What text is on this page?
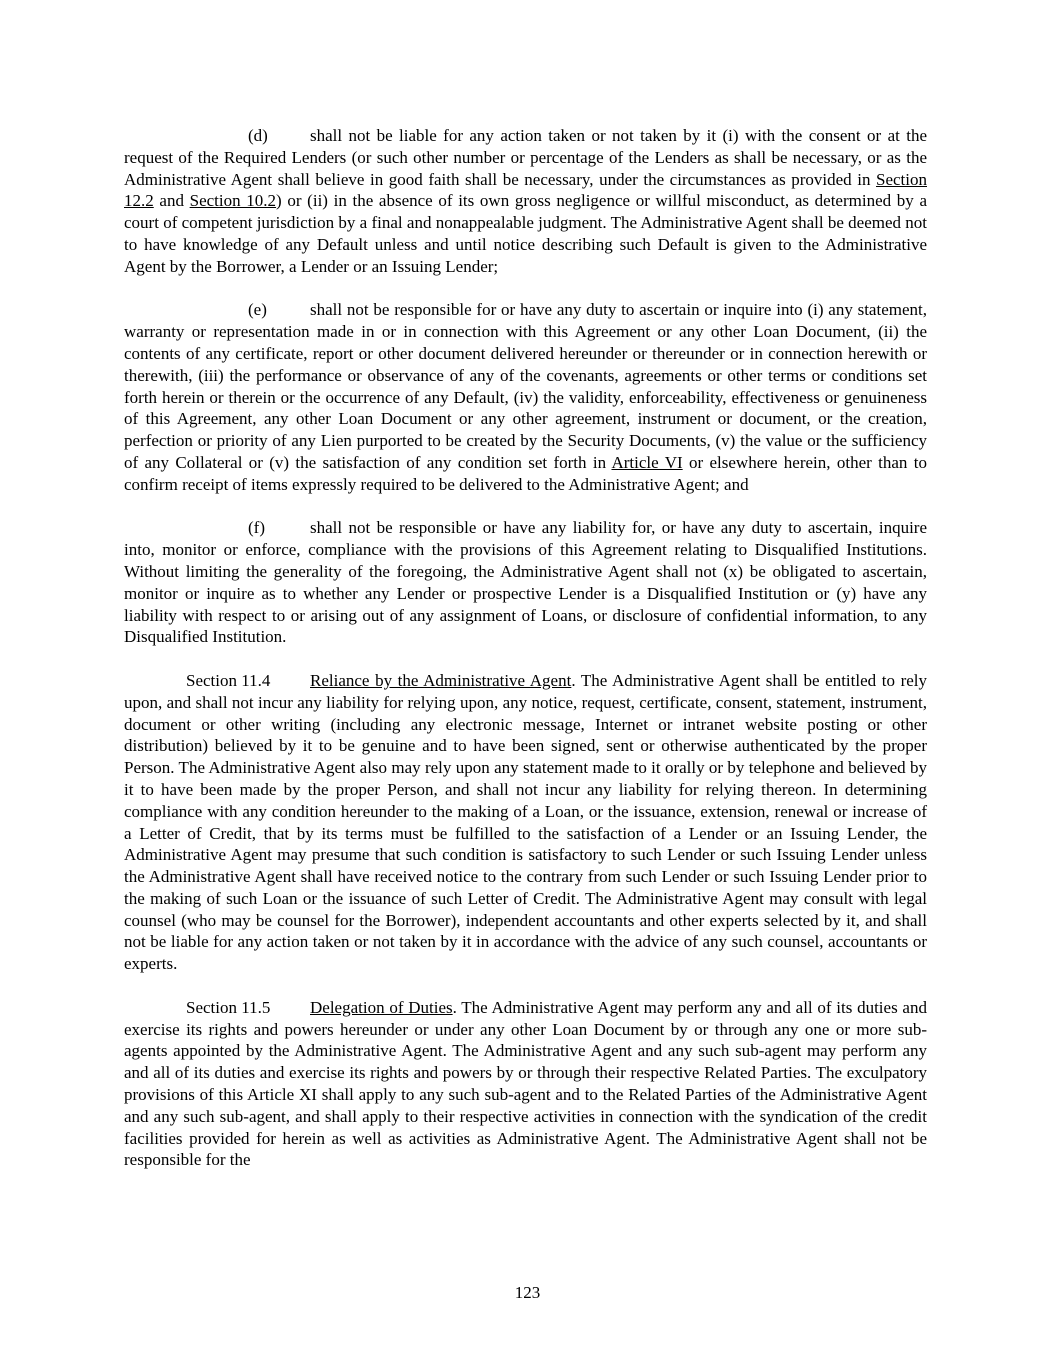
(d) shall not be liable for any action taken or not taken by it (i) with the consent or at the request of the Required Lenders (or such other number or percentage of the Lenders as shall be necessary, or as the Administrative Agent shall believe in good faith shall be necessary, under the circumstances as provided in Section 12.2 and Section 10.2) or (ii) in the absence of its own gross negligence or willful misconduct, as determined by a court of competent jurisdiction by a final and nonappealable judgment. The Administrative Agent shall be deemed not to have knowledge of any Default unless and until notice describing such Default is given to the Administrative Agent by the Borrower, a Lender or an Issuing Lender;

(e)	shall not be responsible for or have any duty to ascertain or inquire into (i) any statement, warranty or representation made in or in connection with this Agreement or any other Loan Document, (ii) the contents of any certificate, report or other document delivered hereunder or thereunder or in connection herewith or therewith, (iii) the performance or observance of any of the covenants, agreements or other terms or conditions set forth herein or therein or the occurrence of any Default, (iv) the validity, enforceability, effectiveness or genuineness of this Agreement, any other Loan Document or any other agreement, instrument or document, or the creation, perfection or priority of any Lien purported to be created by the Security Documents, (v) the value or the sufficiency of any Collateral or (v) the satisfaction of any condition set forth in Article VI or elsewhere herein, other than to confirm receipt of items expressly required to be delivered to the Administrative Agent; and

(f)	shall not be responsible or have any liability for, or have any duty to ascertain, inquire into, monitor or enforce, compliance with the provisions of this Agreement relating to Disqualified Institutions. Without limiting the generality of the foregoing, the Administrative Agent shall not (x) be obligated to ascertain, monitor or inquire as to whether any Lender or prospective Lender is a Disqualified Institution or (y) have any liability with respect to or arising out of any assignment of Loans, or disclosure of confidential information, to any Disqualified Institution.

Section 11.4 Reliance by the Administrative Agent. The Administrative Agent shall be entitled to rely upon, and shall not incur any liability for relying upon, any notice, request, certificate, consent, statement, instrument, document or other writing (including any electronic message, Internet or intranet website posting or other distribution) believed by it to be genuine and to have been signed, sent or otherwise authenticated by the proper Person. The Administrative Agent also may rely upon any statement made to it orally or by telephone and believed by it to have been made by the proper Person, and shall not incur any liability for relying thereon. In determining compliance with any condition hereunder to the making of a Loan, or the issuance, extension, renewal or increase of a Letter of Credit, that by its terms must be fulfilled to the satisfaction of a Lender or an Issuing Lender, the Administrative Agent may presume that such condition is satisfactory to such Lender or such Issuing Lender unless the Administrative Agent shall have received notice to the contrary from such Lender or such Issuing Lender prior to the making of such Loan or the issuance of such Letter of Credit. The Administrative Agent may consult with legal counsel (who may be counsel for the Borrower), independent accountants and other experts selected by it, and shall not be liable for any action taken or not taken by it in accordance with the advice of any such counsel, accountants or experts.

Section 11.5 Delegation of Duties. The Administrative Agent may perform any and all of its duties and exercise its rights and powers hereunder or under any other Loan Document by or through any one or more sub-agents appointed by the Administrative Agent. The Administrative Agent and any such sub-agent may perform any and all of its duties and exercise its rights and powers by or through their respective Related Parties. The exculpatory provisions of this Article XI shall apply to any such sub-agent and to the Related Parties of the Administrative Agent and any such sub-agent, and shall apply to their respective activities in connection with the syndication of the credit facilities provided for herein as well as activities as Administrative Agent. The Administrative Agent shall not be responsible for the

123
